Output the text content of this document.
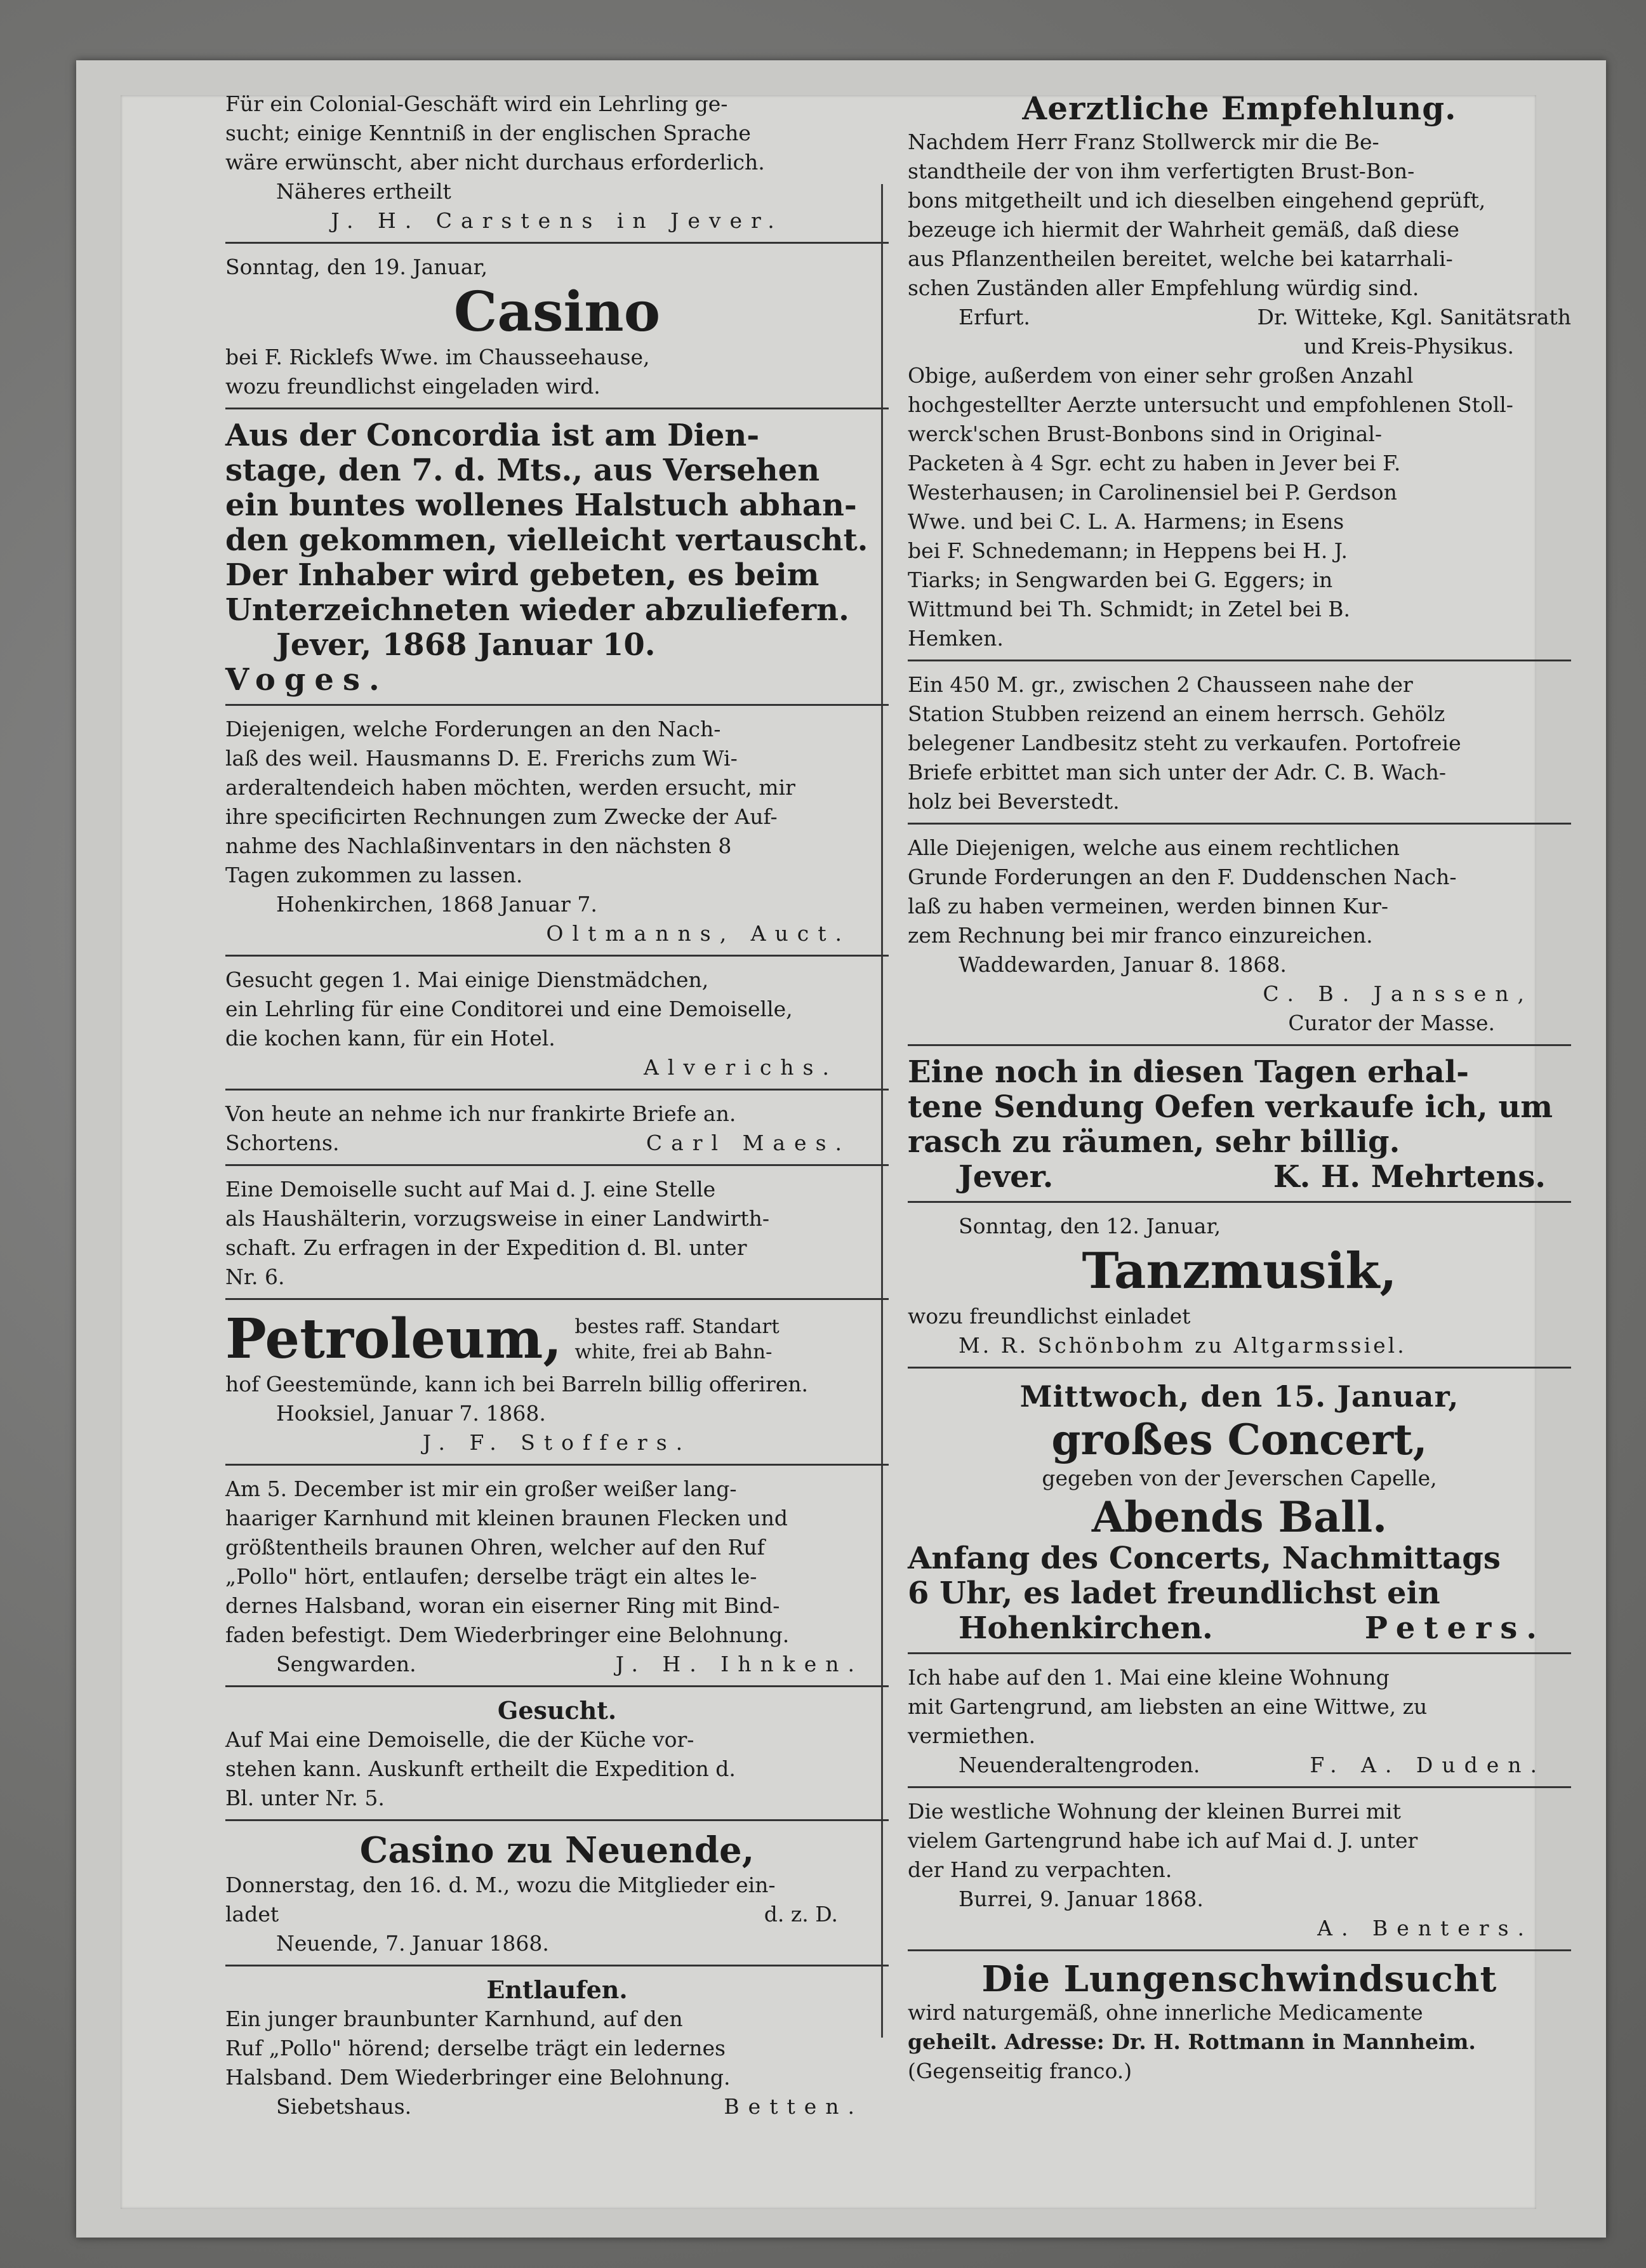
Für ein Colonial-Geschäft wird ein Lehrling ge-
sucht; einige Kenntniß in der englischen Sprache
wäre erwünscht, aber nicht durchaus erforderlich.
Näheres ertheilt
J. H. Carstens in Jever.
Sonntag, den 19. Januar,
Casino
bei F. Ricklefs Wwe. im Chausseehause,
wozu freundlichst eingeladen wird.
Aus der Concordia ist am Dien-
stage, den 7. d. Mts., aus Versehen
ein buntes wollenes Halstuch abhan-
den gekommen, vielleicht vertauscht.
Der Inhaber wird gebeten, es beim
Unterzeichneten wieder abzuliefern.
Jever, 1868 Januar 10.
Voges.
Diejenigen, welche Forderungen an den Nach-
laß des weil. Hausmanns D. E. Frerichs zum Wi-
arderaltendeich haben möchten, werden ersucht, mir
ihre specificirten Rechnungen zum Zwecke der Auf-
nahme des Nachlaßinventars in den nächsten 8
Tagen zukommen zu lassen.
Hohenkirchen, 1868 Januar 7.
Oltmanns, Auct.
Gesucht gegen 1. Mai einige Dienstmädchen,
ein Lehrling für eine Conditorei und eine Demoiselle,
die kochen kann, für ein Hotel.
Alverichs.
Von heute an nehme ich nur frankirte Briefe an.
Schortens.	Carl Maes.
Eine Demoiselle sucht auf Mai d. J. eine Stelle
als Haushälterin, vorzugsweise in einer Landwirth-
schaft. Zu erfragen in der Expedition d. Bl. unter
Nr. 6.
Petroleum, bestes raff. Standart
white, frei ab Bahn-
hof Geestemünde, kann ich bei Barreln billig offeriren.
Hooksiel, Januar 7. 1868.
J. F. Stoffers.
Am 5. December ist mir ein großer weißer lang-
haariger Karnhund mit kleinen braunen Flecken und
größtentheils braunen Ohren, welcher auf den Ruf
„Pollo" hört, entlaufen; derselbe trägt ein altes le-
dernes Halsband, woran ein eiserner Ring mit Bind-
faden befestigt. Dem Wiederbringer eine Belohnung.
Sengwarden.	J. H. Ihnken.
Gesucht.
Auf Mai eine Demoiselle, die der Küche vor-
stehen kann. Auskunft ertheilt die Expedition d.
Bl. unter Nr. 5.
Casino zu Neuende,
Donnerstag, den 16. d. M., wozu die Mitglieder ein-
ladet	d. z. D.
Neuende, 7. Januar 1868.
Entlaufen.
Ein junger braunbunter Karnhund, auf den
Ruf „Pollo" hörend; derselbe trägt ein ledernes
Halsband. Dem Wiederbringer eine Belohnung.
Siebetshaus.	Betten.
Aerztliche Empfehlung.
Nachdem Herr Franz Stollwerck mir die Be-
standtheile der von ihm verfertigten Brust-Bon-
bons mitgetheilt und ich dieselben eingehend geprüft,
bezeuge ich hiermit der Wahrheit gemäß, daß diese
aus Pflanzentheilen bereitet, welche bei katarrhali-
schen Zuständen aller Empfehlung würdig sind.
Erfurt.	Dr. Witteke, Kgl. Sanitätsrath
und Kreis-Physikus.
Obige, außerdem von einer sehr großen Anzahl
hochgestellter Aerzte untersucht und empfohlenen Stoll-
werck'schen Brust-Bonbons sind in Original-
Packeten à 4 Sgr. echt zu haben in Jever bei F.
Westerhausen; in Carolinensiel bei P. Gerdson
Wwe. und bei C. L. A. Harmens; in Esens
bei F. Schnedemann; in Heppens bei H. J.
Tiarks; in Sengwarden bei G. Eggers; in
Wittmund bei Th. Schmidt; in Zetel bei B.
Hemken.
Ein 450 M. gr., zwischen 2 Chausseen nahe der
Station Stubben reizend an einem herrsch. Gehölz
belegener Landbesitz steht zu verkaufen. Portofreie
Briefe erbittet man sich unter der Adr. C. B. Wach-
holz bei Beverstedt.
Alle Diejenigen, welche aus einem rechtlichen
Grunde Forderungen an den F. Duddenschen Nach-
laß zu haben vermeinen, werden binnen Kur-
zem Rechnung bei mir franco einzureichen.
Waddewarden, Januar 8. 1868.
C. B. Janssen,
Curator der Masse.
Eine noch in diesen Tagen erhal-
tene Sendung Oefen verkaufe ich, um
rasch zu räumen, sehr billig.
Jever.	K. H. Mehrtens.
Sonntag, den 12. Januar,
Tanzmusik,
wozu freundlichst einladet
M. R. Schönbohm zu Altgarmssiel.
Mittwoch, den 15. Januar,
großes Concert,
gegeben von der Jeverschen Capelle,
Abends Ball.
Anfang des Concerts, Nachmittags
6 Uhr, es ladet freundlichst ein
Hohenkirchen.	Peters.
Ich habe auf den 1. Mai eine kleine Wohnung
mit Gartengrund, am liebsten an eine Wittwe, zu
vermiethen.
Neuenderaltengroden.	F. A. Duden.
Die westliche Wohnung der kleinen Burrei mit
vielem Gartengrund habe ich auf Mai d. J. unter
der Hand zu verpachten.
Burrei, 9. Januar 1868.
A. Benters.
Die Lungenschwindsucht
wird naturgemäß, ohne innerliche Medicamente
geheilt. Adresse: Dr. H. Rottmann in Mannheim.
(Gegenseitig franco.)
